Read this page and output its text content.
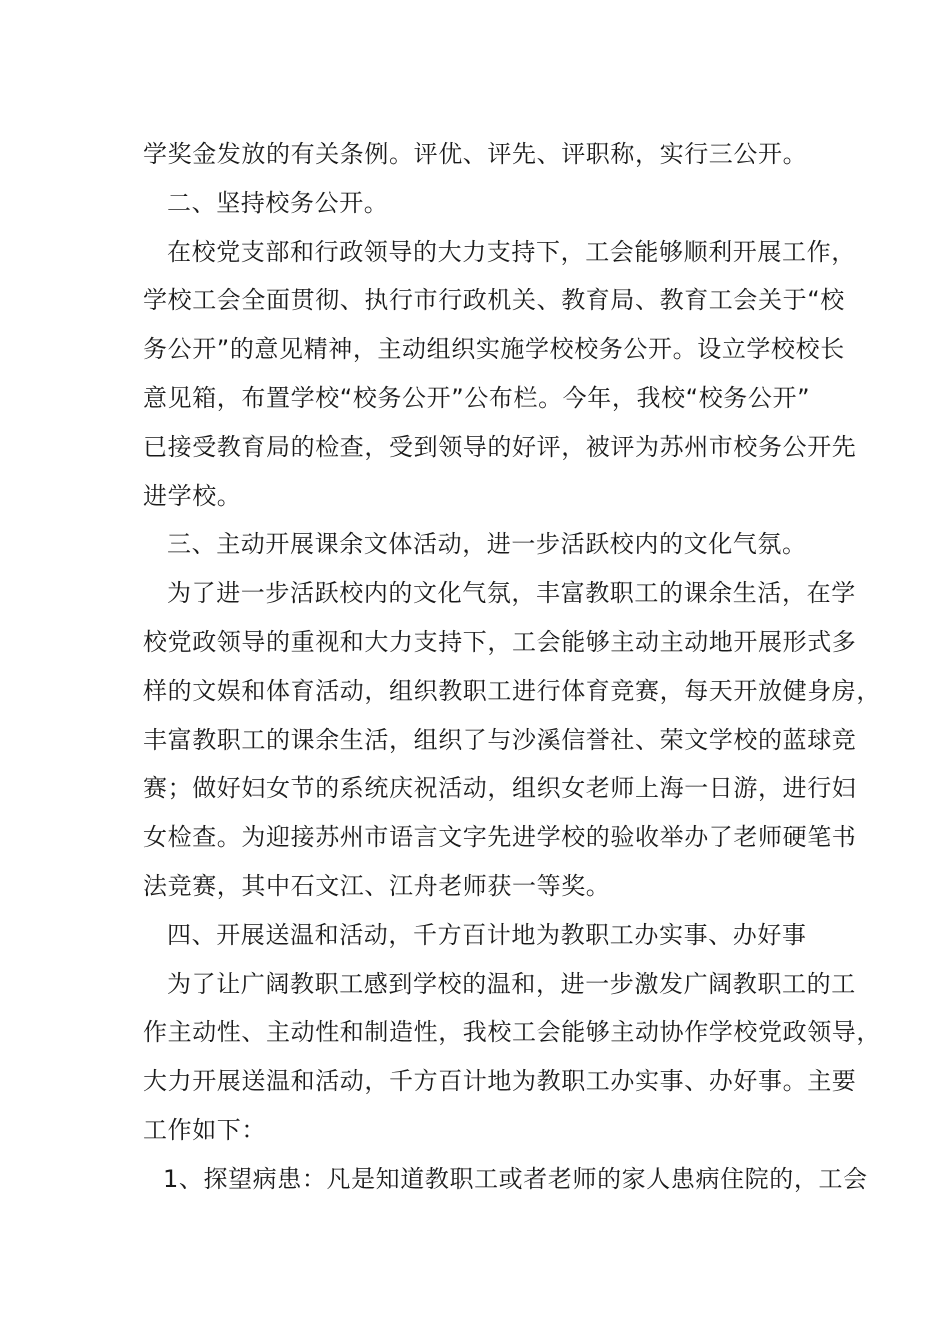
学奖金发放的有关条例。评优、评先、评职称，实行三公开。
二、坚持校务公开。
在校党支部和行政领导的大力支持下，工会能够顺利开展工作，
学校工会全面贯彻、执行市行政机关、教育局、教育工会关于“校
务公开”的意见精神，主动组织实施学校校务公开。设立学校校长
意见箱，布置学校“校务公开”公布栏。今年，我校“校务公开”
已接受教育局的检查，受到领导的好评，被评为苏州市校务公开先
进学校。
三、主动开展课余文体活动，进一步活跃校内的文化气氛。
为了进一步活跃校内的文化气氛，丰富教职工的课余生活，在学
校党政领导的重视和大力支持下，工会能够主动主动地开展形式多
样的文娱和体育活动，组织教职工进行体育竞赛，每天开放健身房，
丰富教职工的课余生活，组织了与沙溪信誉社、荣文学校的蓝球竞
赛；做好妇女节的系统庆祝活动，组织女老师上海一日游，进行妇
女检查。为迎接苏州市语言文字先进学校的验收举办了老师硬笔书
法竞赛，其中石文江、江舟老师获一等奖。
四、开展送温和活动，千方百计地为教职工办实事、办好事
为了让广阔教职工感到学校的温和，进一步激发广阔教职工的工
作主动性、主动性和制造性，我校工会能够主动协作学校党政领导，
大力开展送温和活动，千方百计地为教职工办实事、办好事。主要
工作如下：
1、探望病患：凡是知道教职工或者老师的家人患病住院的，工会
